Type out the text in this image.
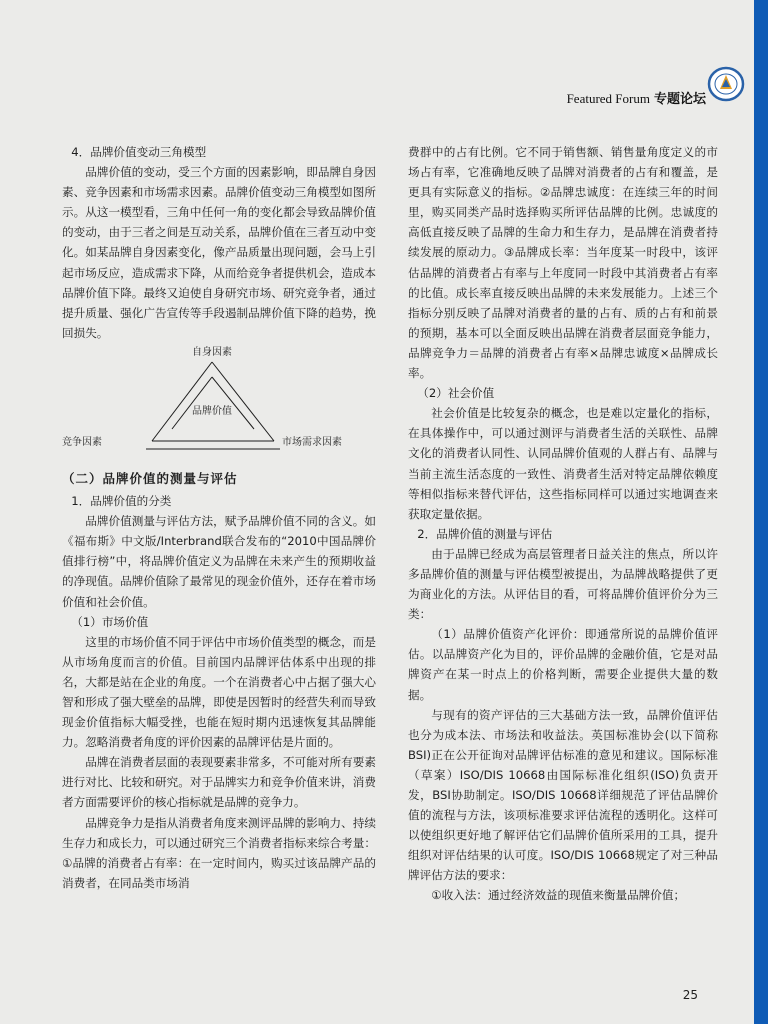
Featured Forum 专题论坛

4．品牌价值变动三角模型

品牌价值的变动，受三个方面的因素影响，即品牌自身因素、竞争因素和市场需求因素。品牌价值变动三角模型如图所示。从这一模型看，三角中任何一角的变化都会导致品牌价值的变动，由于三者之间是互动关系，品牌价值在三者互动中变化。如某品牌自身因素变化，像产品质量出现问题，会马上引起市场反应，造成需求下降，从而给竞争者提供机会，造成本品牌价值下降。最终又迫使自身研究市场、研究竞争者，通过提升质量、强化广告宣传等手段遏制品牌价值下降的趋势，挽回损失。

自身因素
品牌价值
竞争因素	市场需求因素
（二）品牌价值的测量与评估

1．品牌价值的分类

品牌价值测量与评估方法，赋予品牌价值不同的含义。如《福布斯》中文版/Interbrand联合发布的“2010中国品牌价值排行榜”中，将品牌价值定义为品牌在未来产生的预期收益的净现值。品牌价值除了最常见的现金价值外，还存在着市场价值和社会价值。

（1）市场价值

这里的市场价值不同于评估中市场价值类型的概念，而是从市场角度而言的价值。目前国内品牌评估体系中出现的排名，大都是站在企业的角度。一个在消费者心中占据了强大心智和形成了强大壁垒的品牌，即使是因暂时的经营失利而导致现金价值指标大幅受挫，也能在短时期内迅速恢复其品牌能力。忽略消费者角度的评价因素的品牌评估是片面的。

品牌在消费者层面的表现要素非常多，不可能对所有要素进行对比、比较和研究。对于品牌实力和竞争价值来讲，消费者方面需要评价的核心指标就是品牌的竞争力。

品牌竞争力是指从消费者角度来测评品牌的影响力、持续生存力和成长力，可以通过研究三个消费者指标来综合考量：①品牌的消费者占有率：在一定时间内，购买过该品牌产品的消费者，在同品类市场消

费群中的占有比例。它不同于销售额、销售量角度定义的市场占有率，它准确地反映了品牌对消费者的占有和覆盖，是更具有实际意义的指标。②品牌忠诚度：在连续三年的时间里，购买同类产品时选择购买所评估品牌的比例。忠诚度的高低直接反映了品牌的生命力和生存力，是品牌在消费者持续发展的原动力。③品牌成长率：当年度某一时段中，该评估品牌的消费者占有率与上年度同一时段中其消费者占有率的比值。成长率直接反映出品牌的未来发展能力。上述三个指标分别反映了品牌对消费者的量的占有、质的占有和前景的预期，基本可以全面反映出品牌在消费者层面竞争能力，品牌竞争力＝品牌的消费者占有率×品牌忠诚度×品牌成长率。

（2）社会价值

社会价值是比较复杂的概念，也是难以定量化的指标，在具体操作中，可以通过测评与消费者生活的关联性、品牌文化的消费者认同性、认同品牌价值观的人群占有、品牌与当前主流生活态度的一致性、消费者生活对特定品牌依赖度等相似指标来替代评估，这些指标同样可以通过实地调查来获取定量依据。

2．品牌价值的测量与评估

由于品牌已经成为高层管理者日益关注的焦点，所以许多品牌价值的测量与评估模型被提出，为品牌战略提供了更为商业化的方法。从评估目的看，可将品牌价值评价分为三类：

（1）品牌价值资产化评价：即通常所说的品牌价值评估。以品牌资产化为目的，评价品牌的金融价值，它是对品牌资产在某一时点上的价格判断，需要企业提供大量的数据。

与现有的资产评估的三大基础方法一致，品牌价值评估也分为成本法、市场法和收益法。英国标准协会(以下简称BSI)正在公开征询对品牌评估标准的意见和建议。国际标准（草案）ISO/DIS 10668由国际标准化组织(ISO)负责开发，BSI协助制定。ISO/DIS 10668详细规范了评估品牌价值的流程与方法，该项标准要求评估流程的透明化。这样可以使组织更好地了解评估它们品牌价值所采用的工具，提升组织对评估结果的认可度。ISO/DIS 10668规定了对三种品牌评估方法的要求：

①收入法：通过经济效益的现值来衡量品牌价值；

25
